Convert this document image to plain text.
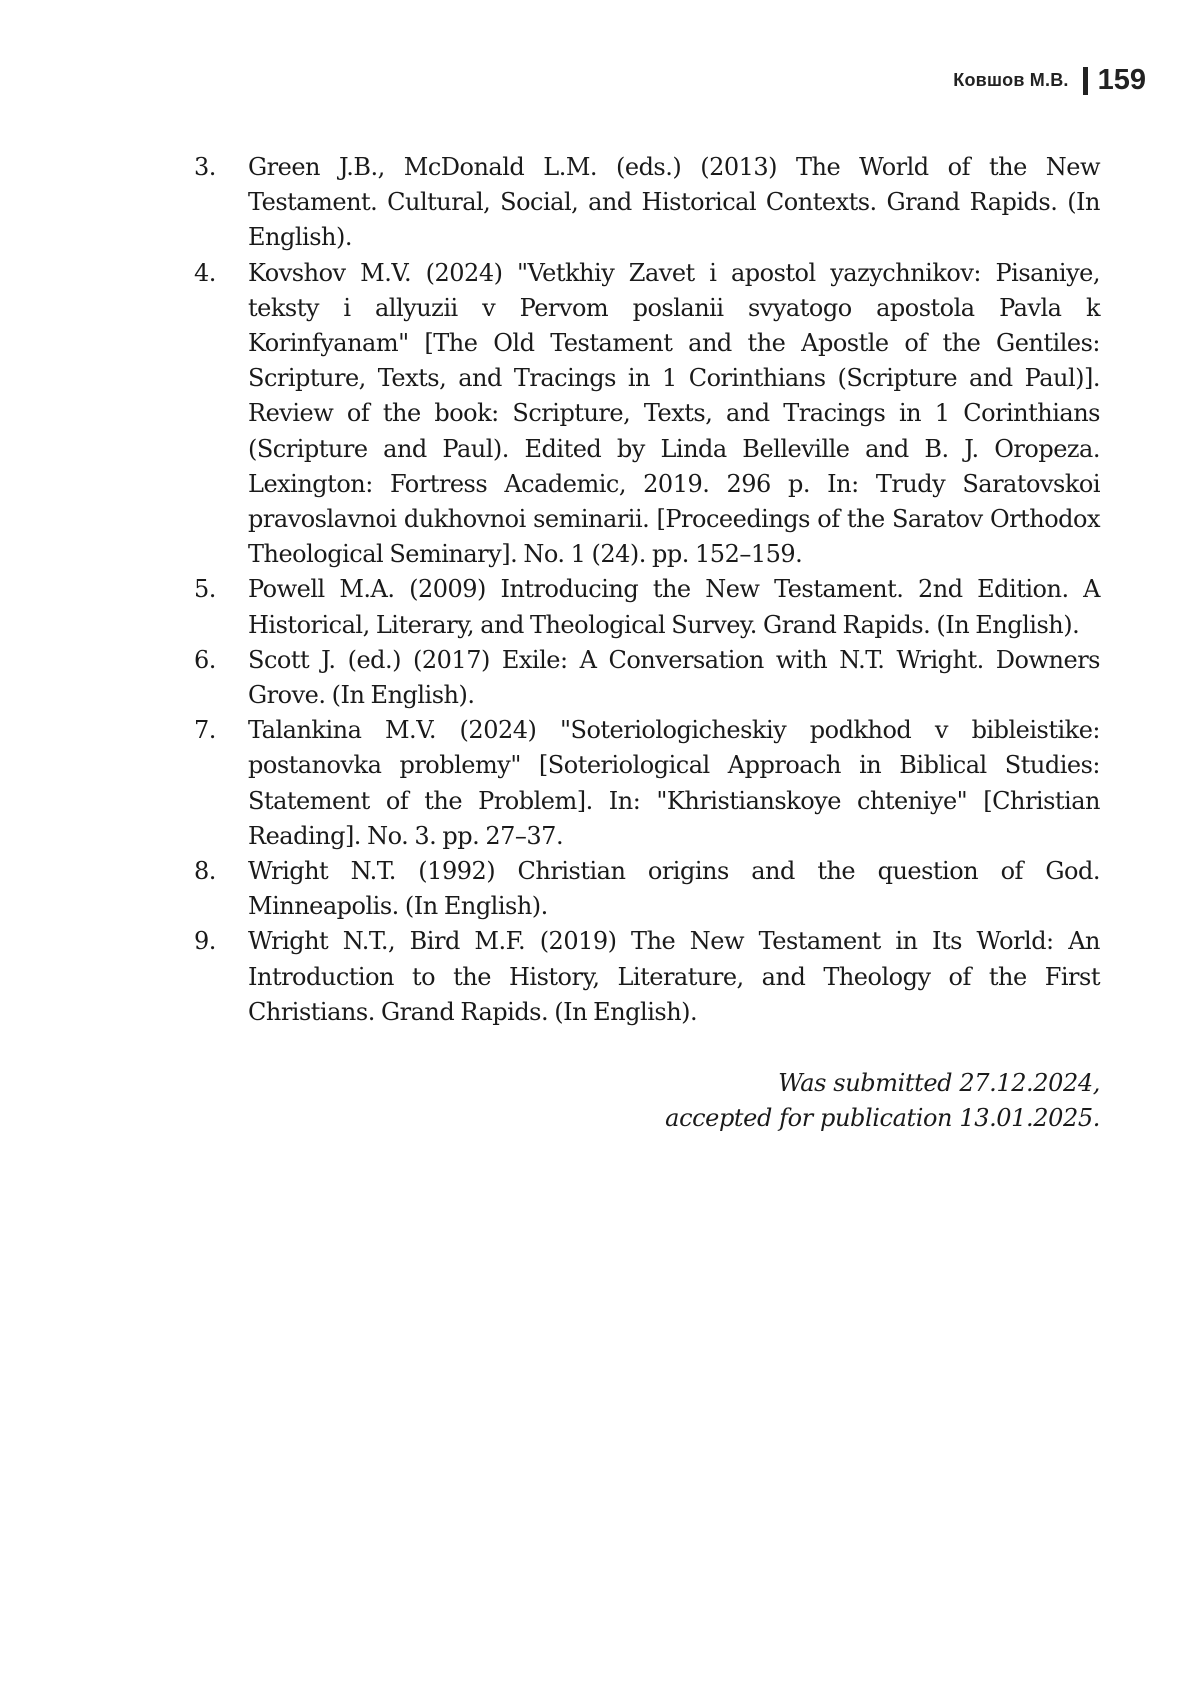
Ковшов М.В. 159
3. Green J.B., McDonald L.M. (eds.) (2013) The World of the New Testament. Cultural, Social, and Historical Contexts. Grand Rapids. (In English).
4. Kovshov M.V. (2024) "Vetkhiy Zavet i apostol yazychnikov: Pisaniye, teksty i allyuzii v Pervom poslanii svyatogo apostola Pavla k Korinfyanam" [The Old Testament and the Apostle of the Gentiles: Scripture, Texts, and Tracings in 1 Corinthians (Scripture and Paul)]. Review of the book: Scripture, Texts, and Tracings in 1 Corinthians (Scripture and Paul). Edited by Linda Belleville and B. J. Oropeza. Lexington: Fortress Academic, 2019. 296 p. In: Trudy Saratovskoi pravoslavnoi dukhovnoi seminarii. [Proceedings of the Saratov Orthodox Theological Seminary]. No. 1 (24). pp. 152–159.
5. Powell M.A. (2009) Introducing the New Testament. 2nd Edition. A Historical, Literary, and Theological Survey. Grand Rapids. (In English).
6. Scott J. (ed.) (2017) Exile: A Conversation with N.T. Wright. Downers Grove. (In English).
7. Talankina M.V. (2024) "Soteriologicheskiy podkhod v bibleistike: postanovka problemy" [Soteriological Approach in Biblical Studies: Statement of the Problem]. In: "Khristianskoye chteniye" [Christian Reading]. No. 3. pp. 27–37.
8. Wright N.T. (1992) Christian origins and the question of God. Minneapolis. (In English).
9. Wright N.T., Bird M.F. (2019) The New Testament in Its World: An Introduction to the History, Literature, and Theology of the First Christians. Grand Rapids. (In English).
Was submitted 27.12.2024,
accepted for publication 13.01.2025.
